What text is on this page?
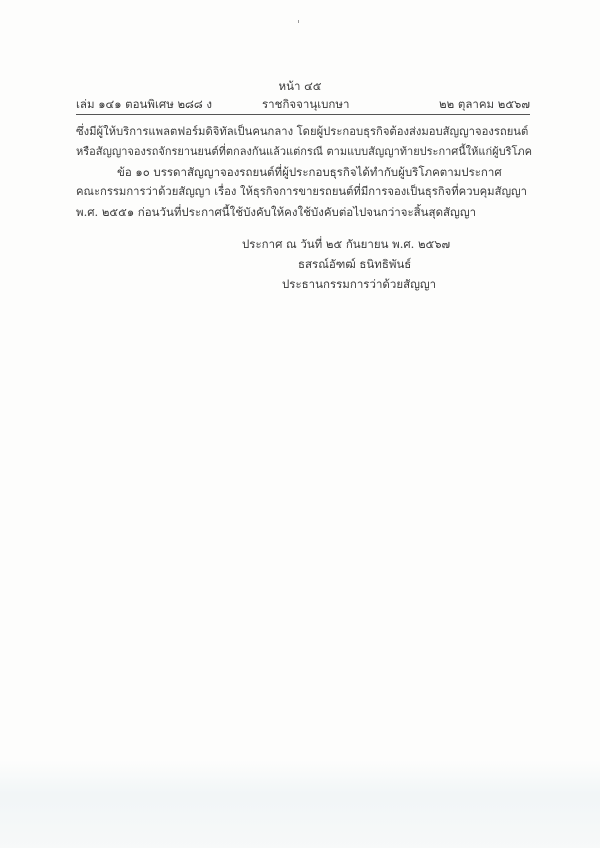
หน้า ๔๕
เล่ม ๑๔๑ ตอนพิเศษ ๒๘๘ ง	ราชกิจจานุเบกษา	๒๒ ตุลาคม ๒๕๖๗
ซึ่งมีผู้ให้บริการแพลตฟอร์มดิจิทัลเป็นคนกลาง โดยผู้ประกอบธุรกิจต้องส่งมอบสัญญาจองรถยนต์
หรือสัญญาจองรถจักรยานยนต์ที่ตกลงกันแล้วแต่กรณี ตามแบบสัญญาท้ายประกาศนี้ให้แก่ผู้บริโภค
ข้อ ๑๐ บรรดาสัญญาจองรถยนต์ที่ผู้ประกอบธุรกิจได้ทำกับผู้บริโภคตามประกาศ
คณะกรรมการว่าด้วยสัญญา เรื่อง ให้ธุรกิจการขายรถยนต์ที่มีการจองเป็นธุรกิจที่ควบคุมสัญญา
พ.ศ. ๒๕๕๑ ก่อนวันที่ประกาศนี้ใช้บังคับให้คงใช้บังคับต่อไปจนกว่าจะสิ้นสุดสัญญา
ประกาศ ณ วันที่ ๒๕ กันยายน พ.ศ. ๒๕๖๗
ธสรณ์อัฑฒ์ ธนิทธิพันธ์
ประธานกรรมการว่าด้วยสัญญา
